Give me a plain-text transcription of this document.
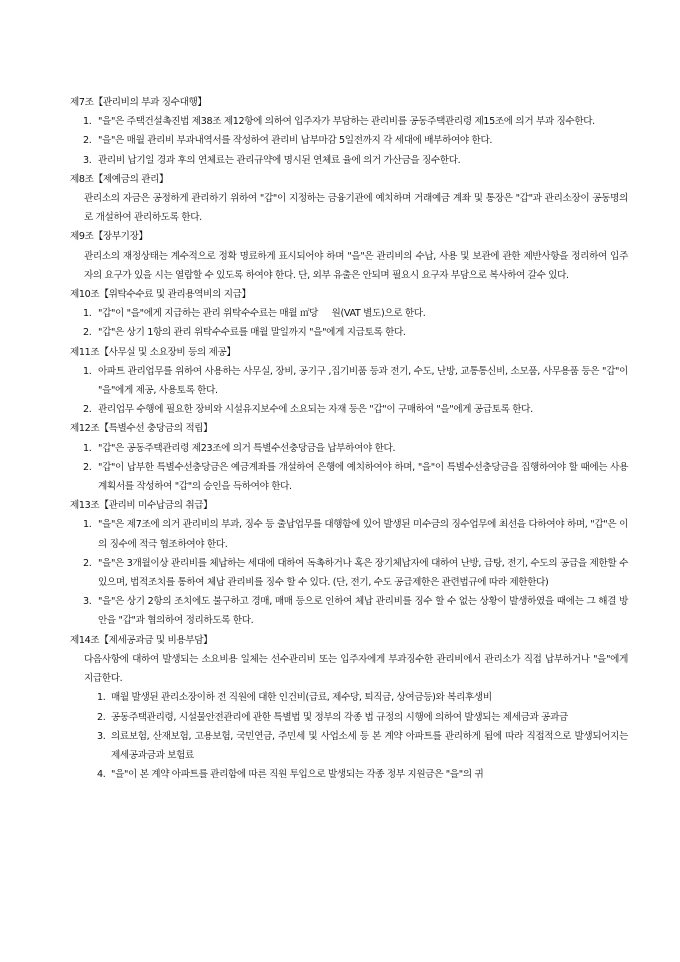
제7조【관리비의 부과 징수대행】
1. "을"은 주택건설촉진법 제38조 제12항에 의하여 입주자가 부담하는 관리비를 공동주택관리령 제15조에 의거 부과 징수한다.
2. "을"은 매월 관리비 부과내역서를 작성하여 관리비 납부마감 5일전까지 각 세대에 배부하여야 한다.
3. 관리비 납기일 경과 후의 연체료는 관리규약에 명시된 연체료 율에 의거 가산금을 징수한다.
제8조【제예금의 관리】
관리소의 자금은 공정하게 관리하기 위하여 "갑"이 지정하는 금융기관에 예치하며 거래예금 계좌 및 통장은 "갑"과 관리소장이 공동명의로 개설하여 관리하도록 한다.
제9조【장부기장】
관리소의 재정상태는 계수적으로 정확 명료하게 표시되어야 하며 "을"은 관리비의 수납, 사용 및 보관에 관한 제반사항을 정리하여 입주자의 요구가 있을 시는 열람할 수 있도록 하여야 한다. 단, 외부 유출은 안되며 필요시 요구자 부담으로 복사하여 갈수 있다.
제10조【위탁수수료 및 관리용역비의 지급】
1. "갑"이 "을"에게 지급하는 관리 위탁수수료는 매월 ㎡당     원(VAT 별도)으로 한다.
2. "갑"은 상기 1항의 관리 위탁수수료를 매월 말일까지 "을"에게 지급토록 한다.
제11조【사무실 및 소요장비 등의 제공】
1. 아파트 관리업무를 위하여 사용하는 사무실, 장비, 공기구 ,집기비품 등과 전기, 수도, 난방, 교통통신비, 소모품, 사무용품 등은 "갑"이 "을"에게 제공, 사용토록 한다.
2. 관리업무 수행에 필요한 장비와 시설유지보수에 소요되는 자재 등은 "갑"이 구매하여 "을"에게 공급토록 한다.
제12조【특별수선 충당금의 적립】
1. "갑"은 공동주택관리령 제23조에 의거 특별수선충당금을 납부하여야 한다.
2. "갑"이 납부한 특별수선충당금은 예금계좌를 개설하여 은행에 예치하여야 하며, "을"이 특별수선충당금을 집행하여야 할 때에는 사용 계획서를 작성하여 "갑"의 승인을 득하여야 한다.
제13조【관리비 미수납금의 취급】
1. "을"은 제7조에 의거 관리비의 부과, 징수 등 출납업무를 대행함에 있어 발생된 미수금의 징수업무에 최선을 다하여야 하며, "갑"은 이의 징수에 적극 협조하여야 한다.
2. "을"은 3개월이상 관리비를 체납하는 세대에 대하여 독촉하거나 혹은 장기체납자에 대하여 난방, 급탕, 전기, 수도의 공급을 제한할 수 있으며, 법적조치를 통하여 체납 관리비를 징수 할 수 있다. (단, 전기, 수도 공급제한은 관련법규에 따라 제한한다)
3. "을"은 상기 2항의 조치에도 불구하고 경매, 매매 등으로 인하여 체납 관리비를 징수 할 수 없는 상황이 발생하였을 때에는 그 해결 방안을 "갑"과 협의하여 정리하도록 한다.
제14조【제세공과금 및 비용부담】
다음사항에 대하여 발생되는 소요비용 일체는 선수관리비 또는 입주자에게 부과징수한 관리비에서 관리소가 직접 납부하거나 "을"에게 지급한다.
1. 매월 발생된 관리소장이하 전 직원에 대한 인건비(급료, 제수당, 퇴직금, 상여금등)와 복리후생비
2. 공동주택관리령, 시설물안전관리에 관한 특별법 및 정부의 각종 법 규정의 시행에 의하여 발생되는 제세금과 공과금
3. 의료보험, 산재보험, 고용보험, 국민연금, 주민세 및 사업소세 등 본 계약 아파트를 관리하게 됨에 따라 직접적으로 발생되어지는 제세공과금과 보험료
4. "을"이 본 계약 아파트를 관리함에 따른 직원 투입으로 발생되는 각종 정부 지원금은 "을"의 귀
